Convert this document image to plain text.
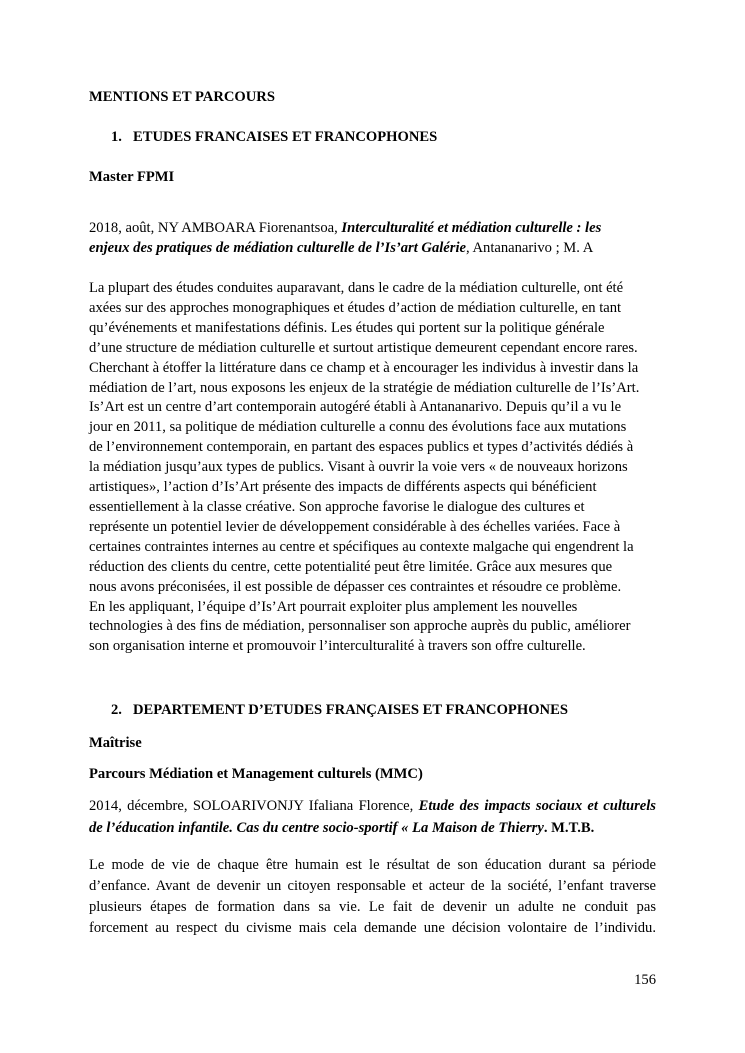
MENTIONS ET PARCOURS
1. ETUDES FRANCAISES ET FRANCOPHONES
Master FPMI
2018, août, NY AMBOARA Fiorenantsoa, Interculturalité et médiation culturelle : les
enjeux des pratiques de médiation culturelle de l’Is’art Galérie, Antananarivo ; M. A
La plupart des études conduites auparavant, dans le cadre de la médiation culturelle, ont été
axées sur des approches monographiques et études d’action de médiation culturelle, en tant
qu’événements et manifestations définis. Les études qui portent sur la politique générale
d’une structure de médiation culturelle et surtout artistique demeurent cependant encore rares.
Cherchant à étoffer la littérature dans ce champ et à encourager les individus à investir dans la
médiation de l’art, nous exposons les enjeux de la stratégie de médiation culturelle de l’Is’Art.
Is’Art est un centre d’art contemporain autogéré établi à Antananarivo. Depuis qu’il a vu le
jour en 2011, sa politique de médiation culturelle a connu des évolutions face aux mutations
de l’environnement contemporain, en partant des espaces publics et types d’activités dédiés à
la médiation jusqu’aux types de publics. Visant à ouvrir la voie vers « de nouveaux horizons
artistiques», l’action d’Is’Art présente des impacts de différents aspects qui bénéficient
essentiellement à la classe créative. Son approche favorise le dialogue des cultures et
représente un potentiel levier de développement considérable à des échelles variées. Face à
certaines contraintes internes au centre et spécifiques au contexte malgache qui engendrent la
réduction des clients du centre, cette potentialité peut être limitée. Grâce aux mesures que
nous avons préconisées, il est possible de dépasser ces contraintes et résoudre ce problème.
En les appliquant, l’équipe d’Is’Art pourrait exploiter plus amplement les nouvelles
technologies à des fins de médiation, personnaliser son approche auprès du public, améliorer
son organisation interne et promouvoir l’interculturalité à travers son offre culturelle.
2. DEPARTEMENT D’ETUDES FRANÇAISES ET FRANCOPHONES
Maîtrise
Parcours Médiation et Management culturels (MMC)
2014, décembre, SOLOARIVONJY Ifaliana Florence, Etude des impacts sociaux et culturels
de l’éducation infantile. Cas du centre socio-sportif « La Maison de Thierry. M.T.B.
Le mode de vie de chaque être humain est le résultat de son éducation durant sa période
d’enfance. Avant de devenir un citoyen responsable et acteur de la société, l’enfant traverse
plusieurs étapes de formation dans sa vie. Le fait de devenir un adulte ne conduit pas
forcement au respect du civisme mais cela demande une décision volontaire de l’individu.
156
